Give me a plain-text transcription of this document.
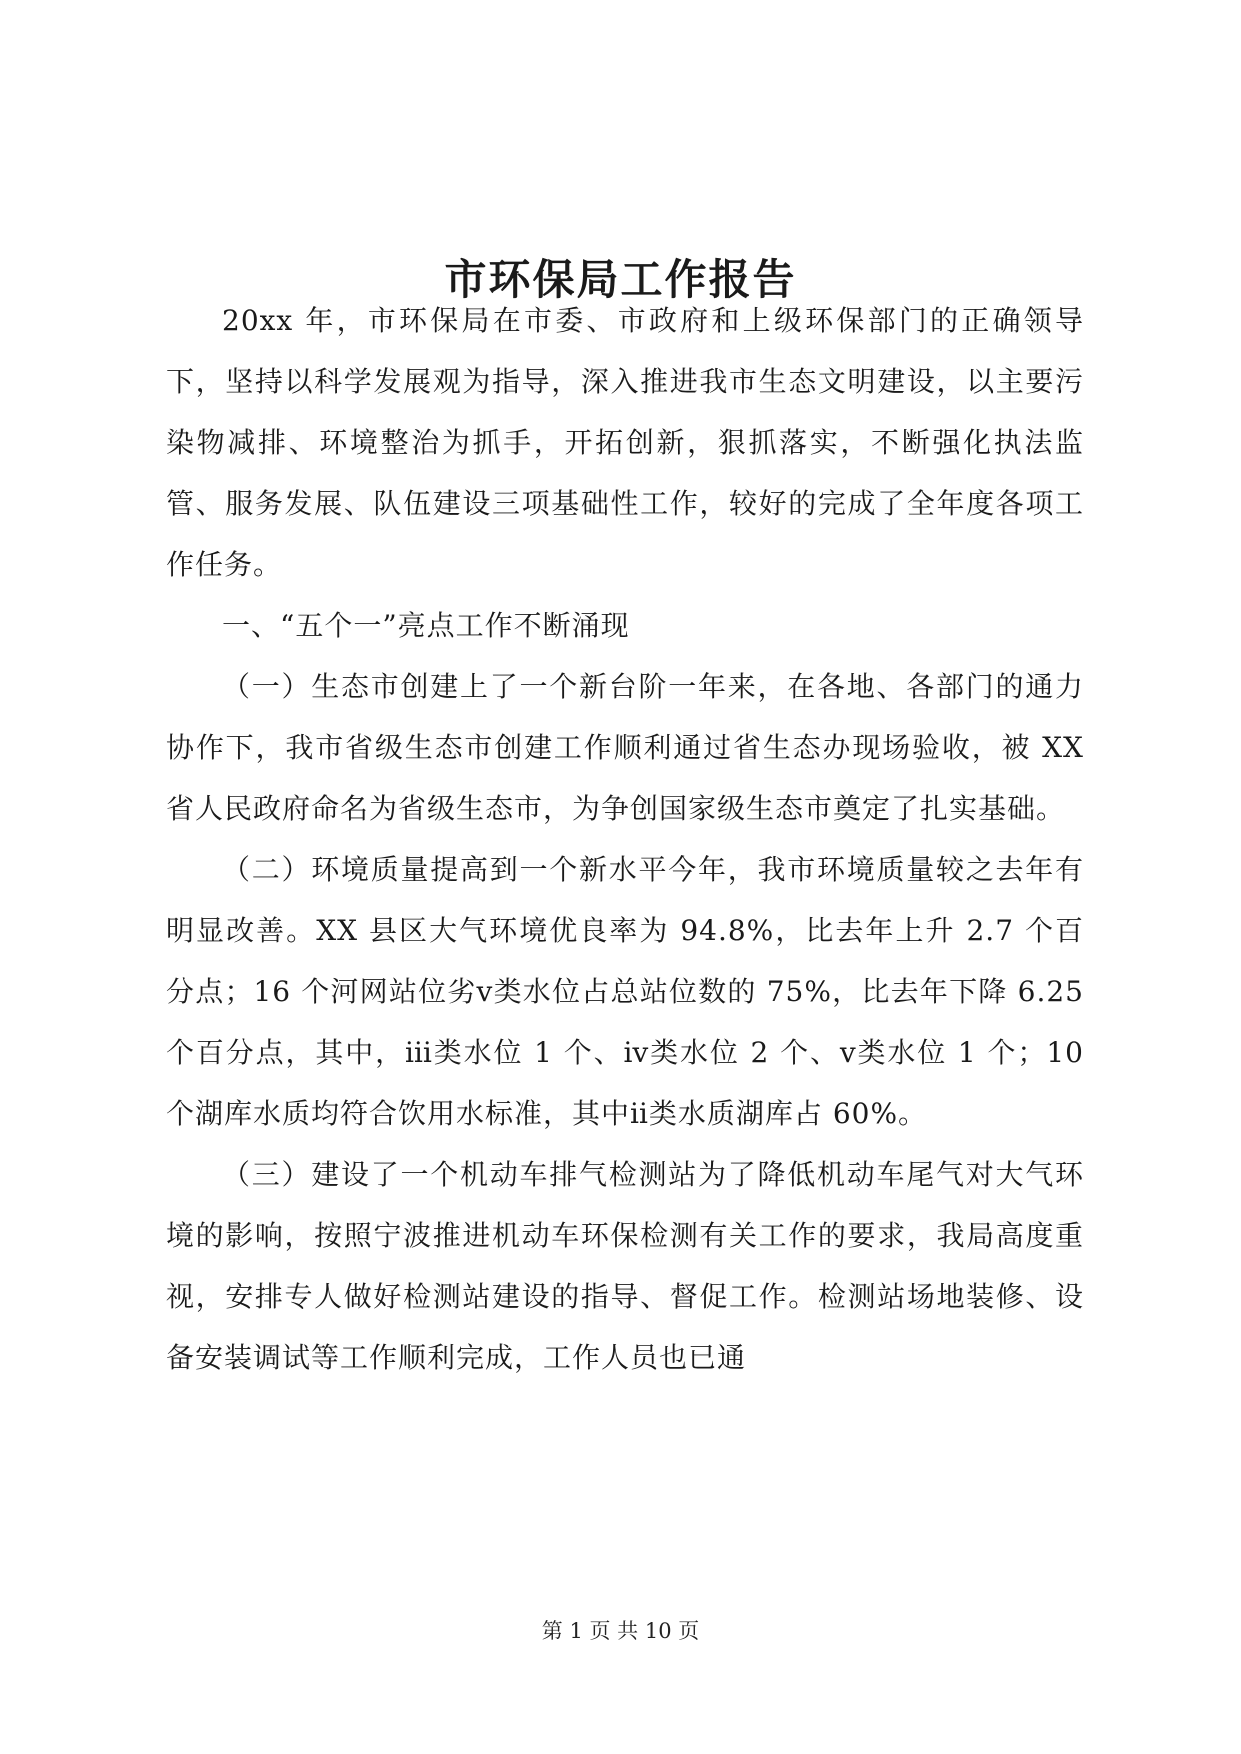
市环保局工作报告

20xx 年，市环保局在市委、市政府和上级环保部门的正确领导下，坚持以科学发展观为指导，深入推进我市生态文明建设，以主要污染物减排、环境整治为抓手，开拓创新，狠抓落实，不断强化执法监管、服务发展、队伍建设三项基础性工作，较好的完成了全年度各项工作任务。

一、“五个一”亮点工作不断涌现

（一）生态市创建上了一个新台阶一年来，在各地、各部门的通力协作下，我市省级生态市创建工作顺利通过省生态办现场验收，被 XX 省人民政府命名为省级生态市，为争创国家级生态市奠定了扎实基础。

（二）环境质量提高到一个新水平今年，我市环境质量较之去年有明显改善。XX 县区大气环境优良率为 94.8%，比去年上升 2.7 个百分点；16 个河网站位劣ⅴ类水位占总站位数的 75%，比去年下降 6.25 个百分点，其中，ⅲ类水位 1 个、ⅳ类水位 2 个、ⅴ类水位 1 个；10 个湖库水质均符合饮用水标准，其中ⅱ类水质湖库占 60%。

（三）建设了一个机动车排气检测站为了降低机动车尾气对大气环境的影响，按照宁波推进机动车环保检测有关工作的要求，我局高度重视，安排专人做好检测站建设的指导、督促工作。检测站场地装修、设备安装调试等工作顺利完成，工作人员也已通

第 1 页 共 10 页
